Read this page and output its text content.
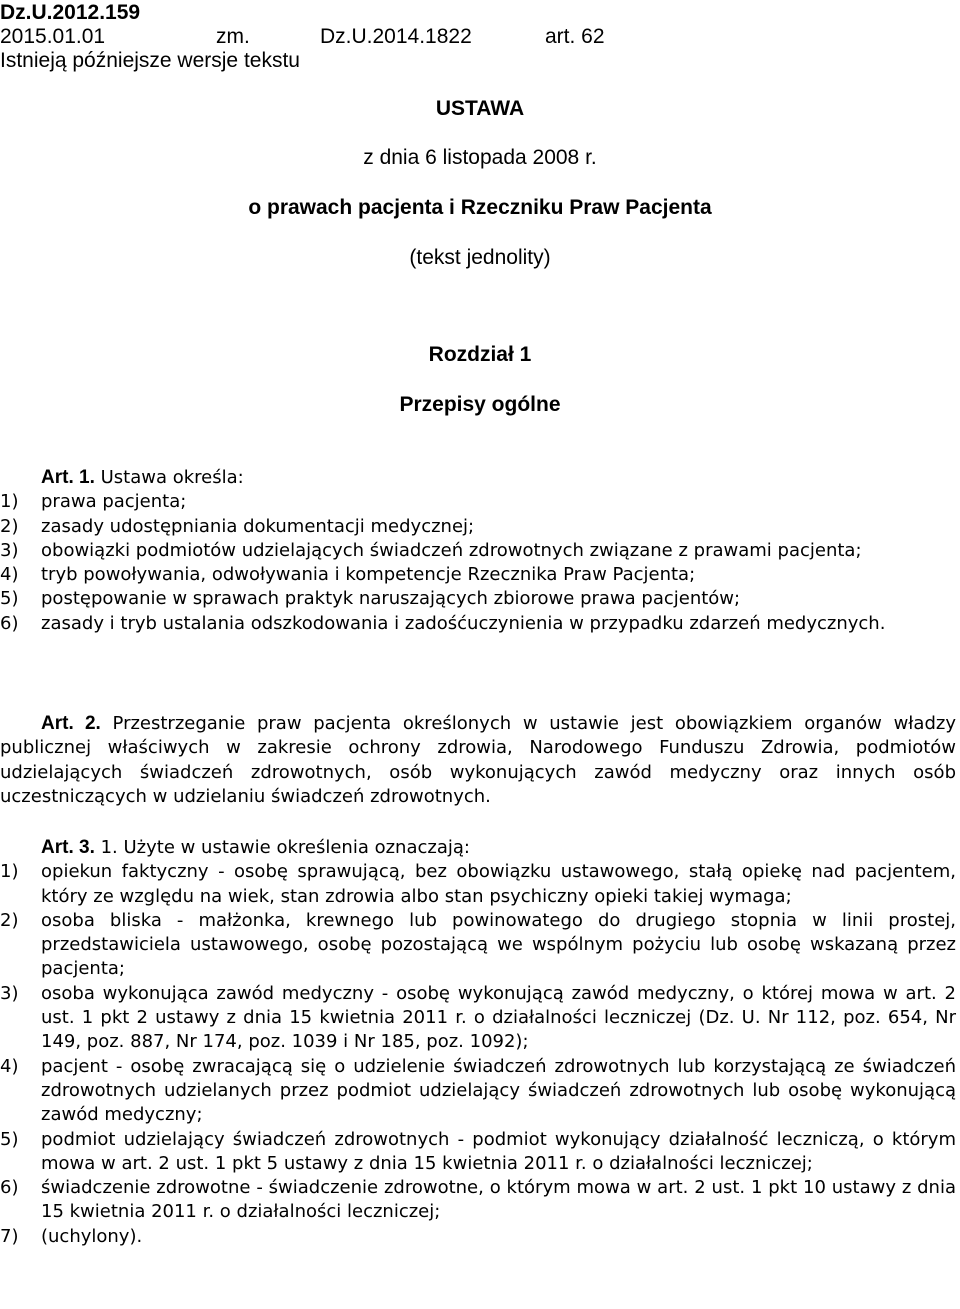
Dz.U.2012.159

2015.01.01	zm.	Dz.U.2014.1822	art. 62

Istnieją późniejsze wersje tekstu

USTAWA

z dnia 6 listopada 2008 r.

o prawach pacjenta i Rzeczniku Praw Pacjenta

(tekst jednolity)

Rozdział 1

Przepisy ogólne

Art. 1. Ustawa określa:
1) prawa pacjenta;
2) zasady udostępniania dokumentacji medycznej;
3) obowiązki podmiotów udzielających świadczeń zdrowotnych związane z prawami pacjenta;
4) tryb powoływania, odwoływania i kompetencje Rzecznika Praw Pacjenta;
5) postępowanie w sprawach praktyk naruszających zbiorowe prawa pacjentów;
6) zasady i tryb ustalania odszkodowania i zadośćuczynienia w przypadku zdarzeń medycznych.
Art. 2. Przestrzeganie praw pacjenta określonych w ustawie jest obowiązkiem organów władzy publicznej właściwych w zakresie ochrony zdrowia, Narodowego Funduszu Zdrowia, podmiotów udzielających świadczeń zdrowotnych, osób wykonujących zawód medyczny oraz innych osób uczestniczących w udzielaniu świadczeń zdrowotnych.
Art. 3. 1. Użyte w ustawie określenia oznaczają:
1) opiekun faktyczny - osobę sprawującą, bez obowiązku ustawowego, stałą opiekę nad pacjentem, który ze względu na wiek, stan zdrowia albo stan psychiczny opieki takiej wymaga;
2) osoba bliska - małżonka, krewnego lub powinowatego do drugiego stopnia w linii prostej, przedstawiciela ustawowego, osobę pozostającą we wspólnym pożyciu lub osobę wskazaną przez pacjenta;
3) osoba wykonująca zawód medyczny - osobę wykonującą zawód medyczny, o której mowa w art. 2 ust. 1 pkt 2 ustawy z dnia 15 kwietnia 2011 r. o działalności leczniczej (Dz. U. Nr 112, poz. 654, Nr 149, poz. 887, Nr 174, poz. 1039 i Nr 185, poz. 1092);
4) pacjent - osobę zwracającą się o udzielenie świadczeń zdrowotnych lub korzystającą ze świadczeń zdrowotnych udzielanych przez podmiot udzielający świadczeń zdrowotnych lub osobę wykonującą zawód medyczny;
5) podmiot udzielający świadczeń zdrowotnych - podmiot wykonujący działalność leczniczą, o którym mowa w art. 2 ust. 1 pkt 5 ustawy z dnia 15 kwietnia 2011 r. o działalności leczniczej;
6) świadczenie zdrowotne - świadczenie zdrowotne, o którym mowa w art. 2 ust. 1 pkt 10 ustawy z dnia 15 kwietnia 2011 r. o działalności leczniczej;
7) (uchylony).
